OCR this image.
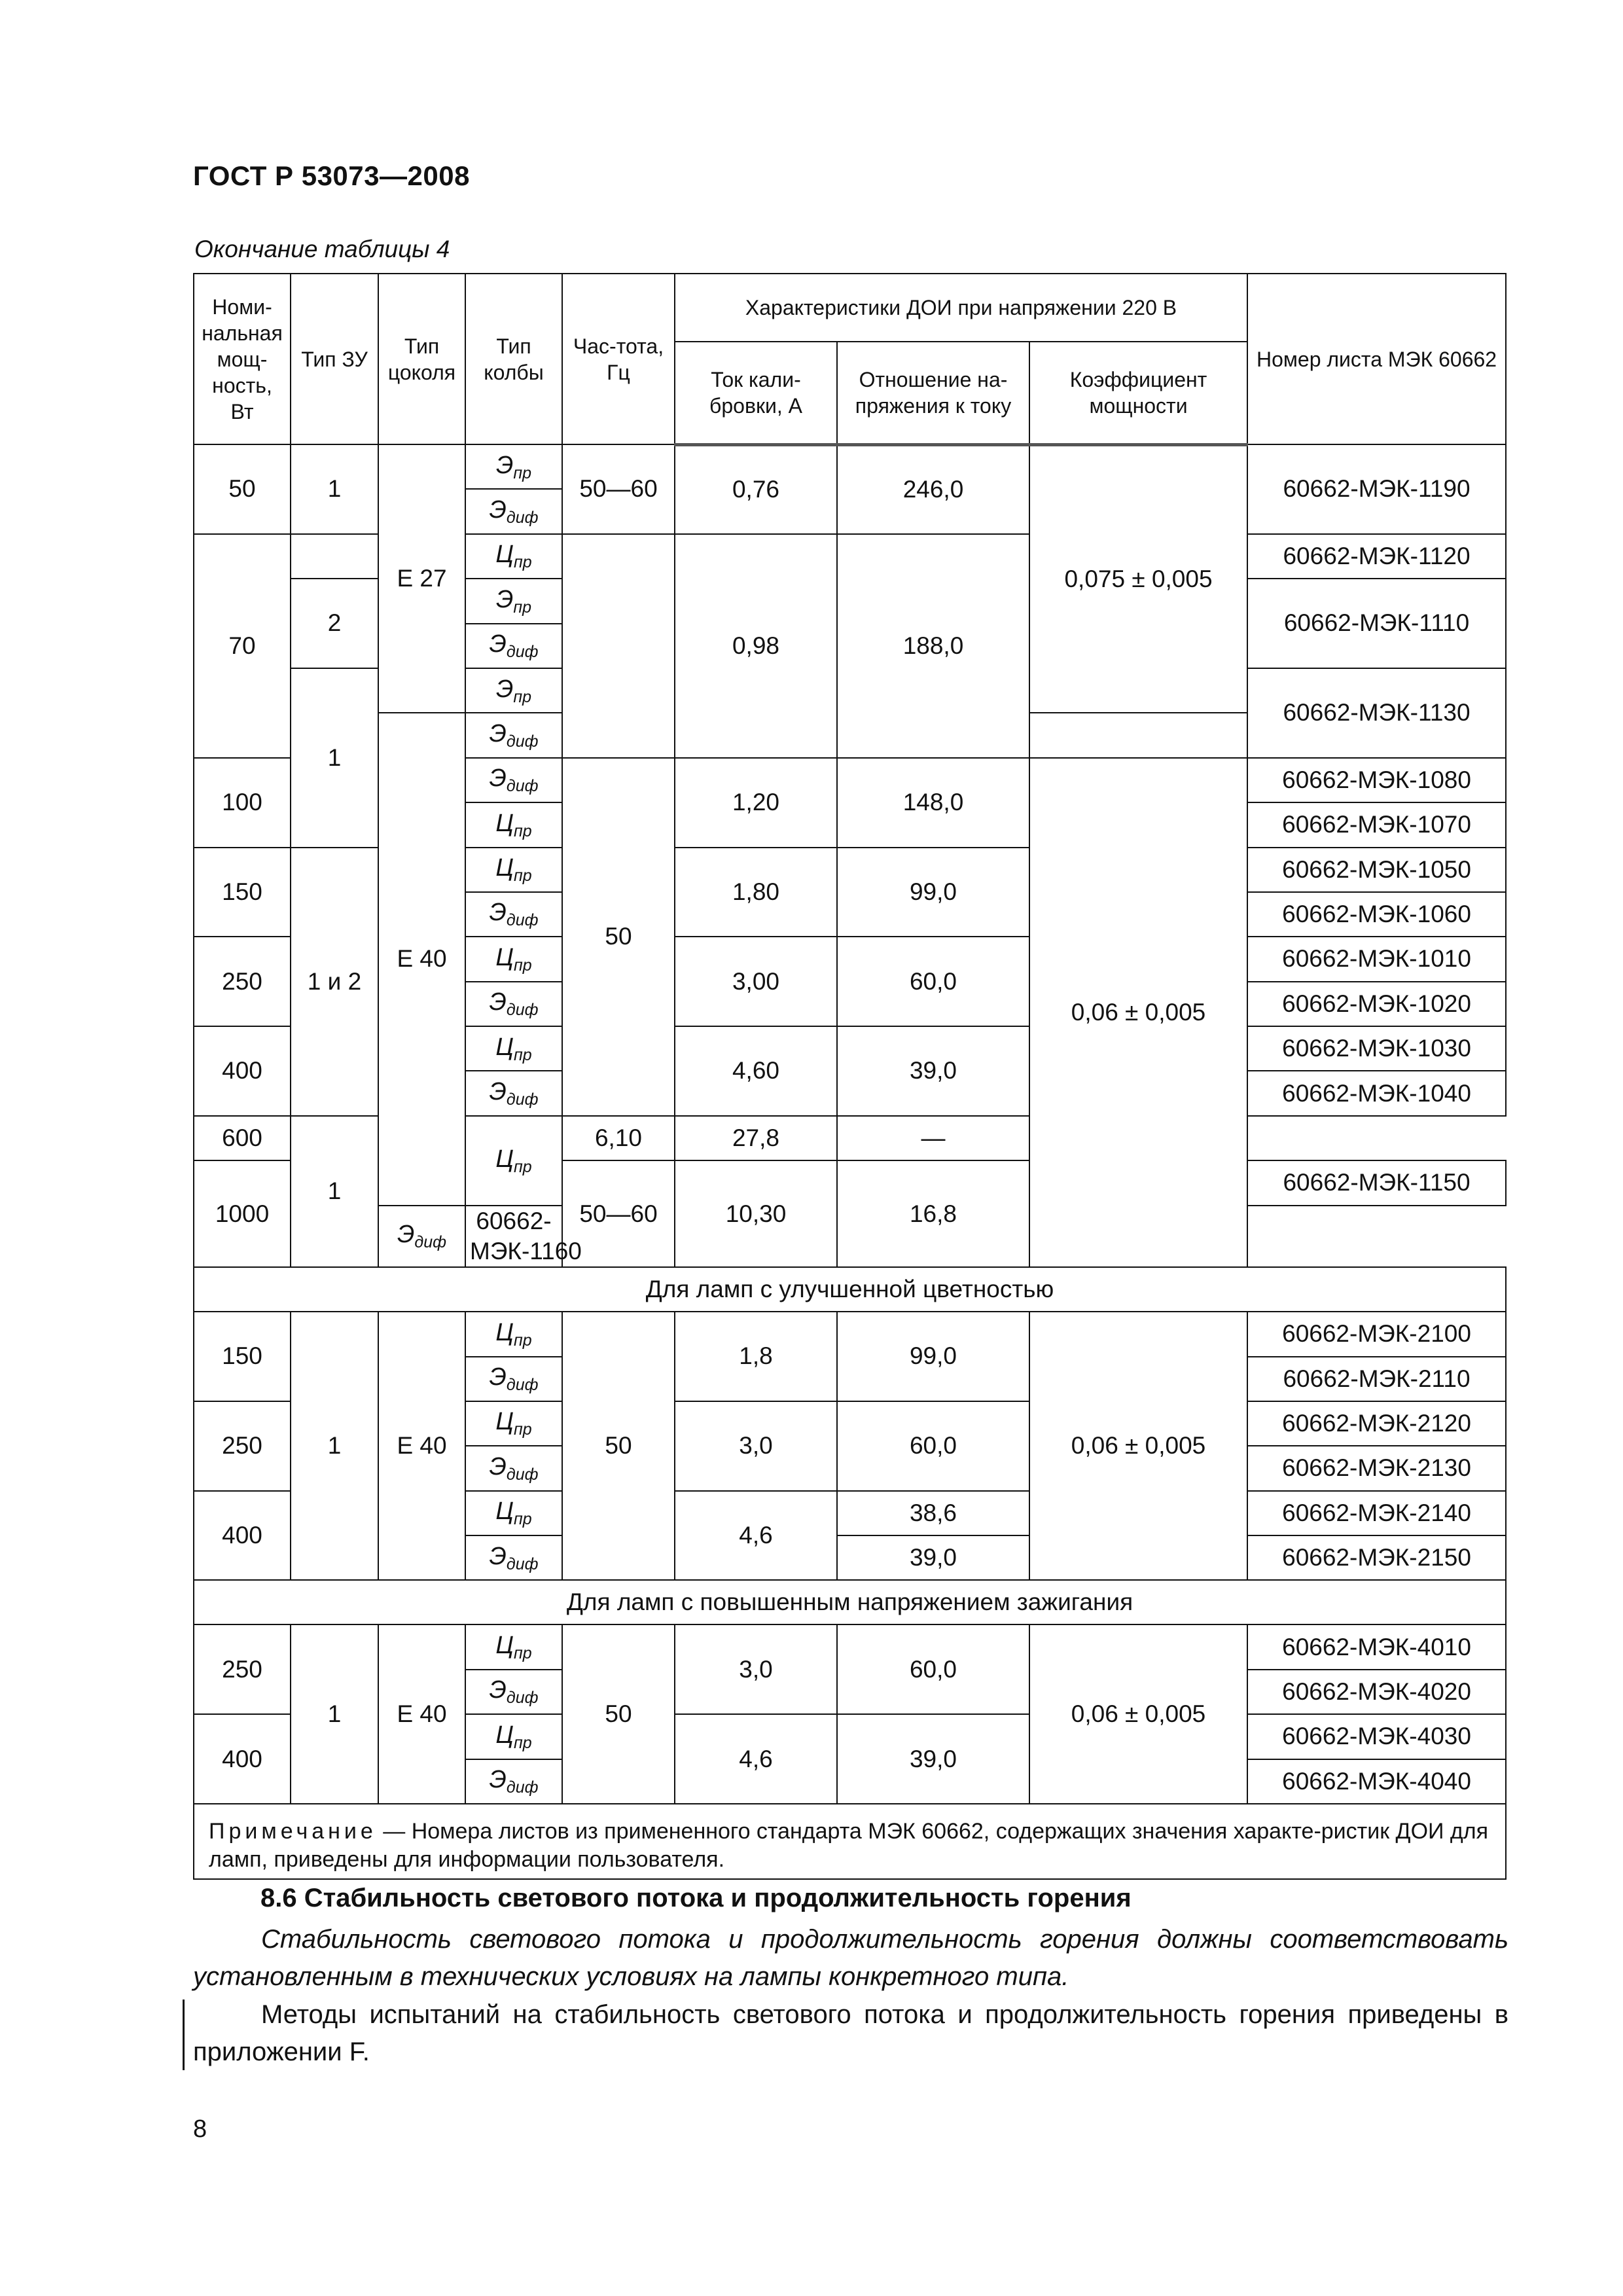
ГОСТ Р 53073—2008
Окончание таблицы 4
Номи-нальная мощ-ность, Вт	Тип ЗУ	Тип цоколя	Тип колбы	Час-тота, Гц	Характеристики ДОИ при напряжении 220 В			Номер листа МЭК 60662
					Ток кали-бровки, А	Отношение на-пряжения к току	Коэффициент мощности	
50	1	E 27	$Э_{пр}$	50—60	0,76	246,0	0,075 ± 0,005	60662-МЭК-1190
			$Э_{диф}$
70			$Ц_{пр}$		0,98	188,0		60662-МЭК-1120
	2		$Э_{пр}$					60662-МЭК-1110
			$Э_{диф}$
	1		$Э_{пр}$					60662-МЭК-1130
		E 40	$Э_{диф}$
100			$Э_{диф}$	50	1,20	148,0	0,06 ± 0,005	60662-МЭК-1080
			$Ц_{пр}$					60662-МЭК-1070
150	1 и 2		$Ц_{пр}$		1,80	99,0		60662-МЭК-1050
			$Э_{диф}$					60662-МЭК-1060
250			$Ц_{пр}$		3,00	60,0		60662-МЭК-1010
			$Э_{диф}$					60662-МЭК-1020
400			$Ц_{пр}$		4,60	39,0		60662-МЭК-1030
			$Э_{диф}$					60662-МЭК-1040
600	1		$Ц_{пр}$	6,10	27,8	—		
1000				50—60	10,30	16,8		60662-МЭК-1150
		$Э_{диф}$	60662-МЭК-1160					
Для ламп с улучшенной цветностью								
150	1	E 40	$Ц_{пр}$	50	1,8	99,0	0,06 ± 0,005	60662-МЭК-2100
			$Э_{диф}$					60662-МЭК-2110
250			$Ц_{пр}$		3,0	60,0		60662-МЭК-2120
			$Э_{диф}$					60662-МЭК-2130
400			$Ц_{пр}$		4,6	38,6		60662-МЭК-2140
			$Э_{диф}$			39,0		60662-МЭК-2150
Для ламп с повышенным напряжением зажигания								
250	1	E 40	$Ц_{пр}$	50	3,0	60,0	0,06 ± 0,005	60662-МЭК-4010
			$Э_{диф}$					60662-МЭК-4020
400			$Ц_{пр}$		4,6	39,0		60662-МЭК-4030
			$Э_{диф}$					60662-МЭК-4040
Примечание — Номера листов из примененного стандарта МЭК 60662, содержащих значения характе-ристик ДОИ для ламп, приведены для информации пользователя.								
8.6 Стабильность светового потока и продолжительность горения
Стабильность светового потока и продолжительность горения должны соответствовать установленным в технических условиях на лампы конкретного типа.
Методы испытаний на стабильность светового потока и продолжительность горения приведены в приложении F.
8
